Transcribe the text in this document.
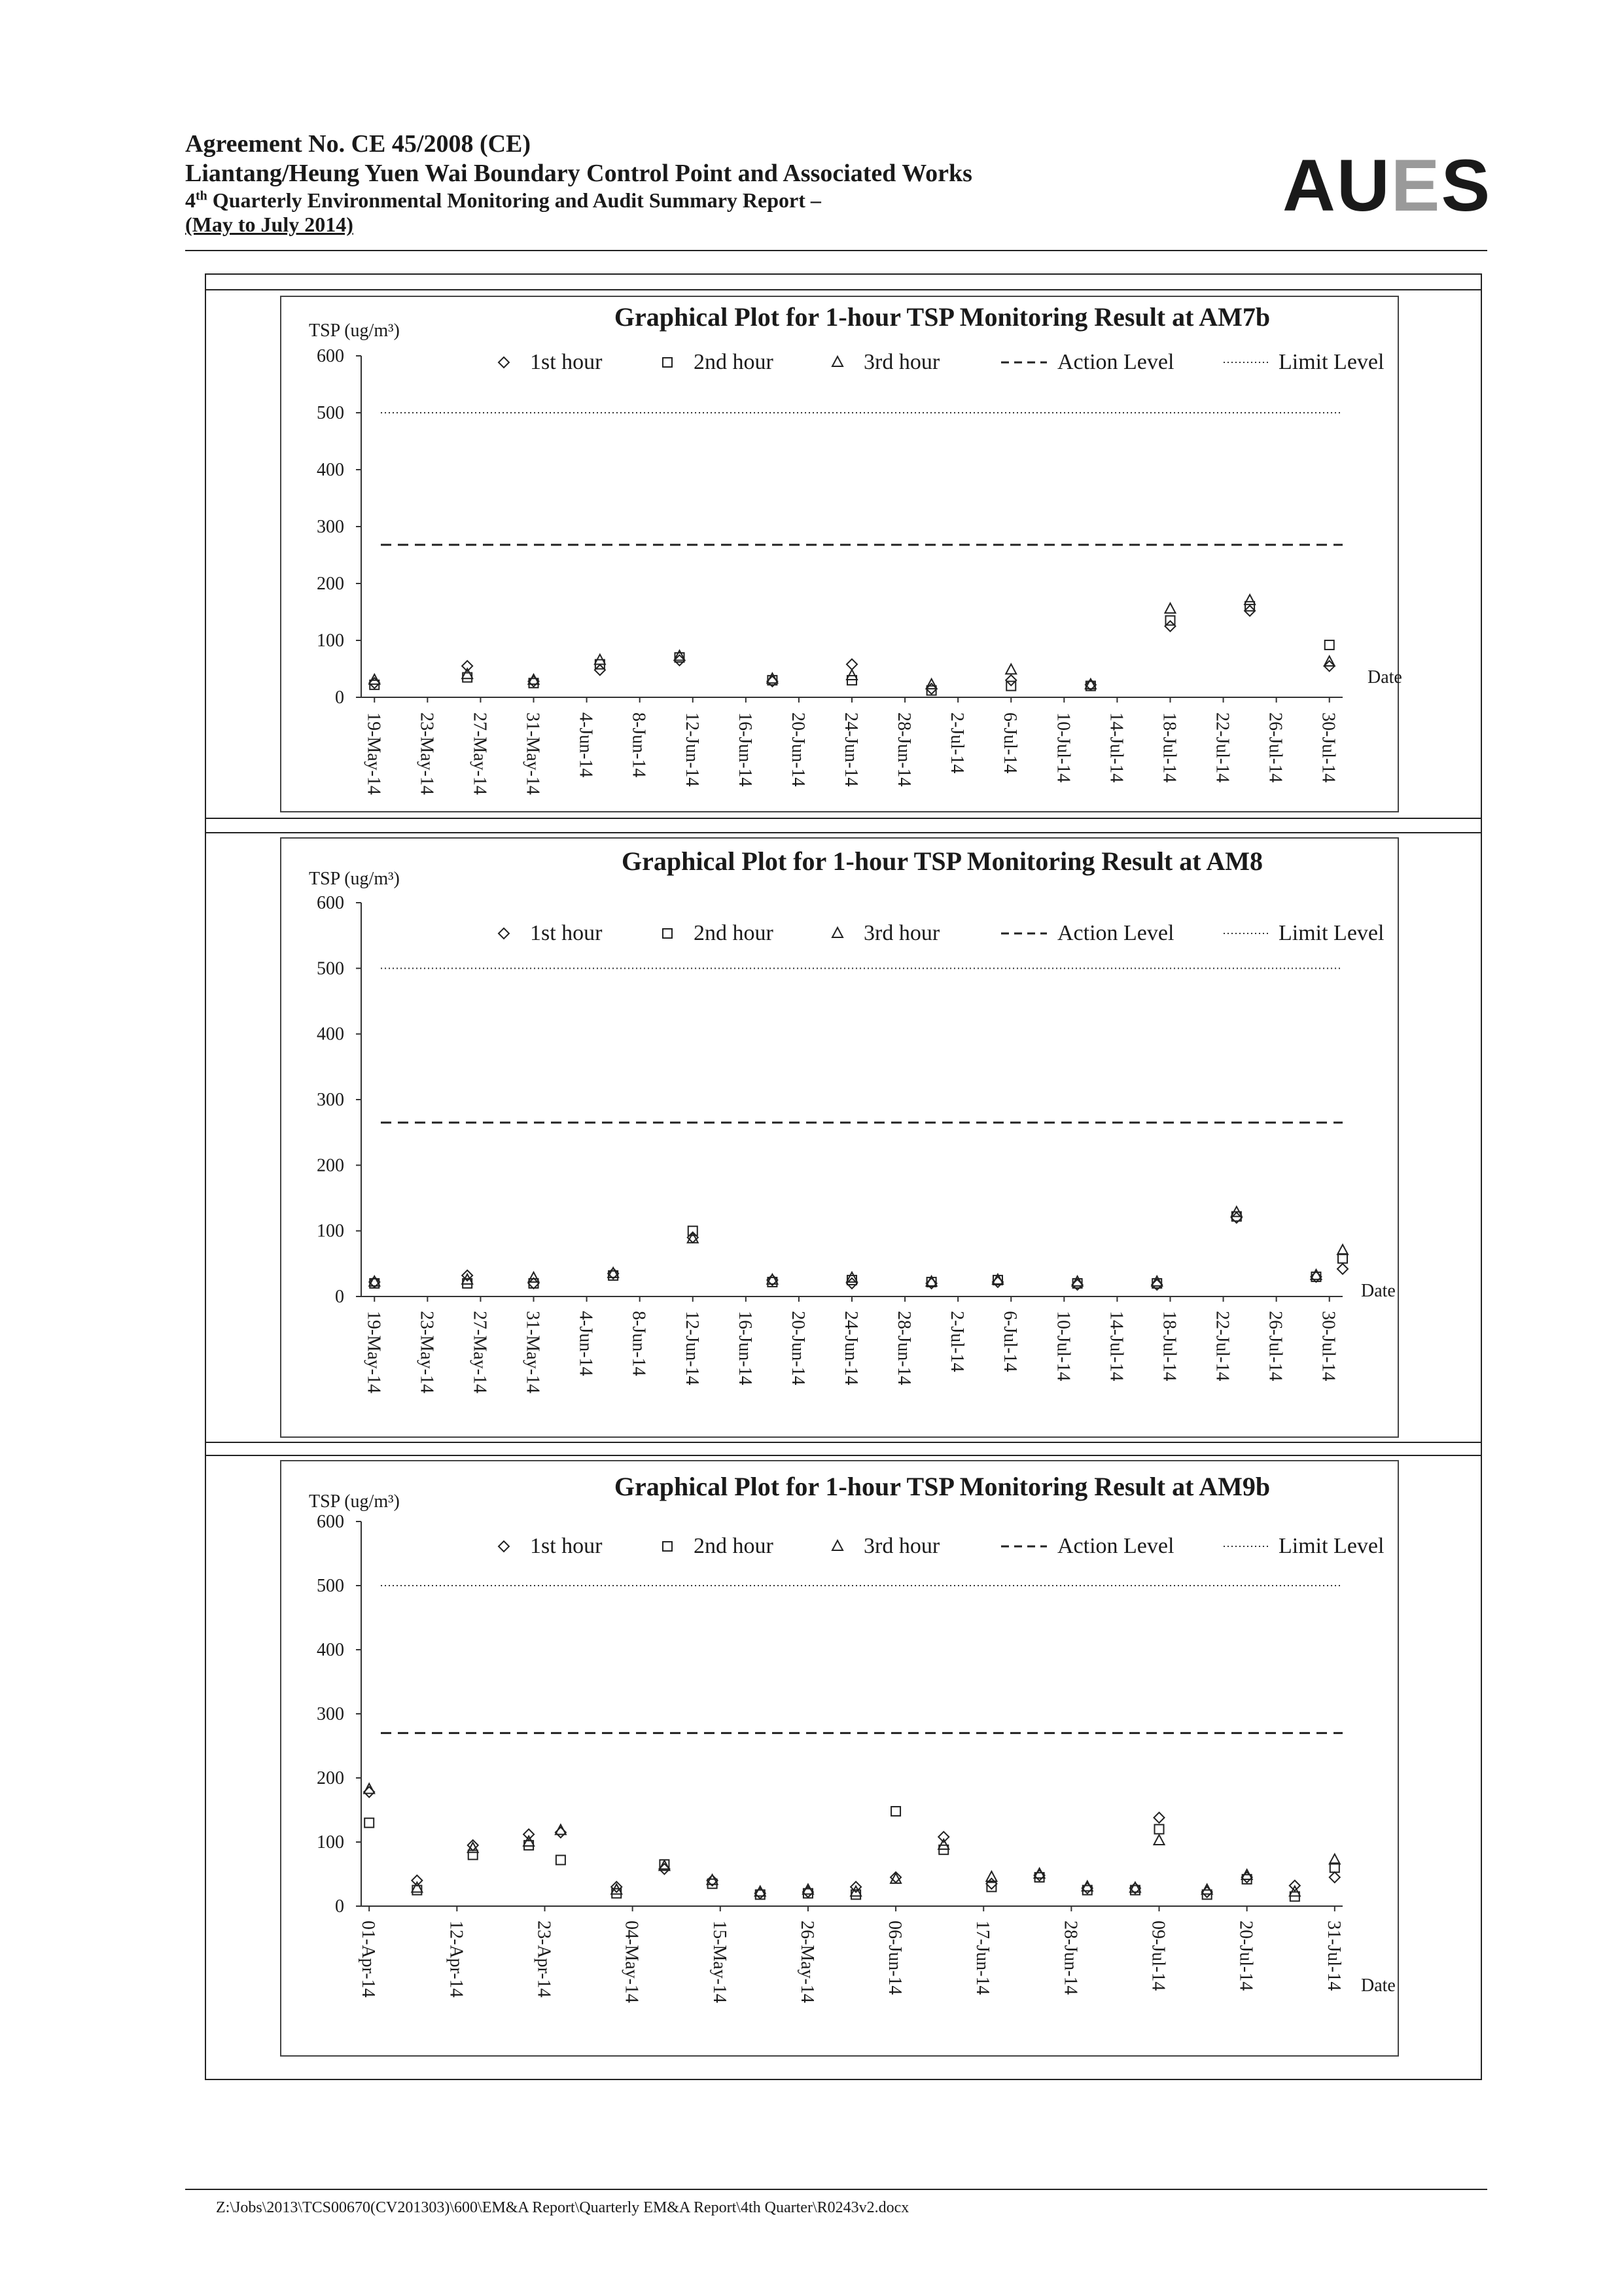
Agreement No. CE 45/2008 (CE)
Liantang/Heung Yuen Wai Boundary Control Point and Associated Works
4th Quarterly Environmental Monitoring and Audit Summary Report –
(May to July 2014)	AUES
Graphical Plot for 1-hour TSP Monitoring Result at AM7b
TSP (ug/m³)
Date
0
100
200
300
400
500
600
19-May-14 23-May-14 27-May-14 31-May-14 4-Jun-14 8-Jun-14 12-Jun-14 16-Jun-14 20-Jun-14 24-Jun-14 28-Jun-14 2-Jul-14 6-Jul-14 10-Jul-14 14-Jul-14 18-Jul-14 22-Jul-14 26-Jul-14 30-Jul-14
1st hour	2nd hour	3rd hour	Action Level	Limit Level
Graphical Plot for 1-hour TSP Monitoring Result at AM8
TSP (ug/m³)
Date
0
100
200
300
400
500
600
19-May-14 23-May-14 27-May-14 31-May-14 4-Jun-14 8-Jun-14 12-Jun-14 16-Jun-14 20-Jun-14 24-Jun-14 28-Jun-14 2-Jul-14 6-Jul-14 10-Jul-14 14-Jul-14 18-Jul-14 22-Jul-14 26-Jul-14 30-Jul-14
1st hour	2nd hour	3rd hour	Action Level	Limit Level
Graphical Plot for 1-hour TSP Monitoring Result at AM9b
TSP (ug/m³)
Date
0
100
200
300
400
500
600
01-Apr-14	12-Apr-14	23-Apr-14	04-May-14	15-May-14	26-May-14	06-Jun-14	17-Jun-14	28-Jun-14	09-Jul-14	20-Jul-14	31-Jul-14
1st hour	2nd hour	3rd hour	Action Level	Limit Level
Z:\Jobs\2013\TCS00670(CV201303)\600\EM&A Report\Quarterly EM&A Report\4th Quarter\R0243v2.docx
